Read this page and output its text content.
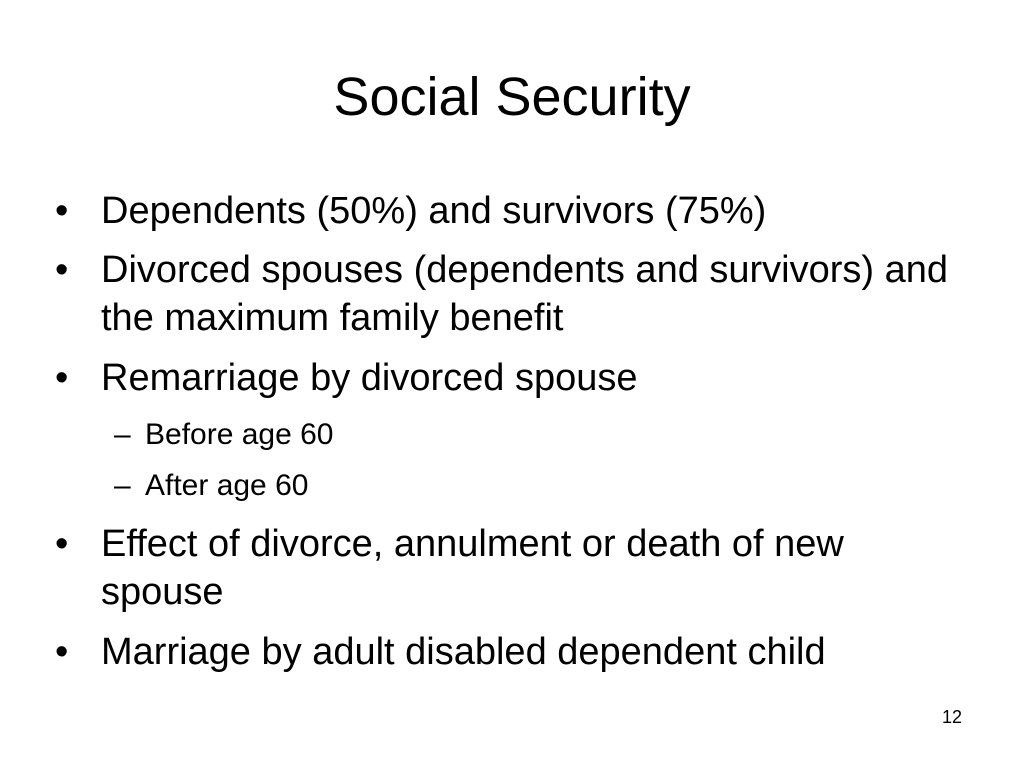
Social Security
• Dependents (50%) and survivors (75%)
• Divorced spouses (dependents and survivors) and the maximum family benefit
• Remarriage by divorced spouse
– Before age 60
– After age 60
• Effect of divorce, annulment or death of new spouse
• Marriage by adult disabled dependent child
12
